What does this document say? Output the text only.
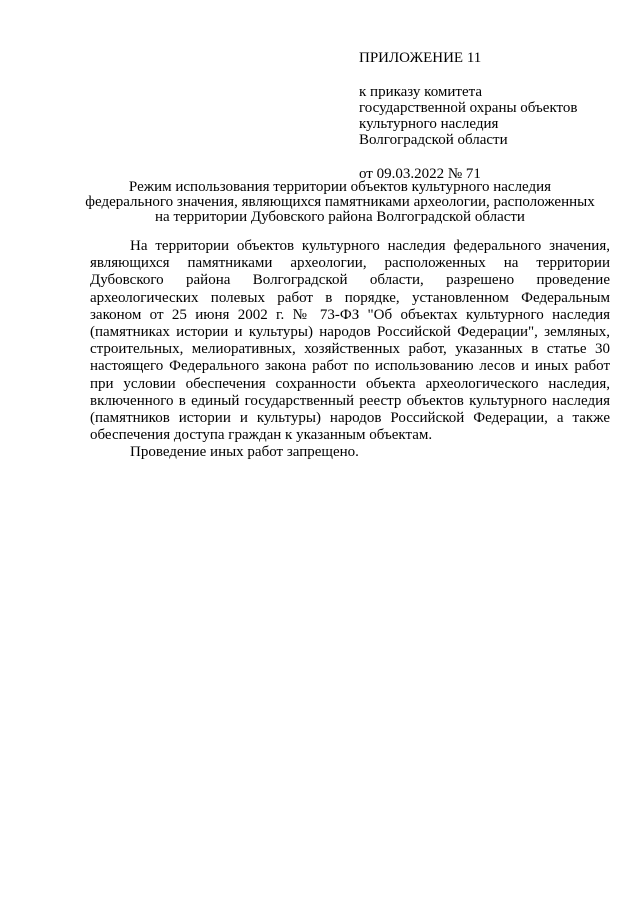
ПРИЛОЖЕНИЕ 11

к приказу комитета
государственной охраны объектов
культурного наследия
Волгоградской области

от 09.03.2022 № 71

Режим использования территории объектов культурного наследия
федерального значения, являющихся памятниками археологии, расположенных
на территории Дубовского района Волгоградской области

На территории объектов культурного наследия федерального значения, являющихся памятниками археологии, расположенных на территории Дубовского района Волгоградской области, разрешено проведение археологических полевых работ в порядке, установленном Федеральным законом от 25 июня 2002 г. № 73-ФЗ "Об объектах культурного наследия (памятниках истории и культуры) народов Российской Федерации", земляных, строительных, мелиоративных, хозяйственных работ, указанных в статье 30 настоящего Федерального закона работ по использованию лесов и иных работ при условии обеспечения сохранности объекта археологического наследия, включенного в единый государственный реестр объектов культурного наследия (памятников истории и культуры) народов Российской Федерации, а также обеспечения доступа граждан к указанным объектам.

Проведение иных работ запрещено.
